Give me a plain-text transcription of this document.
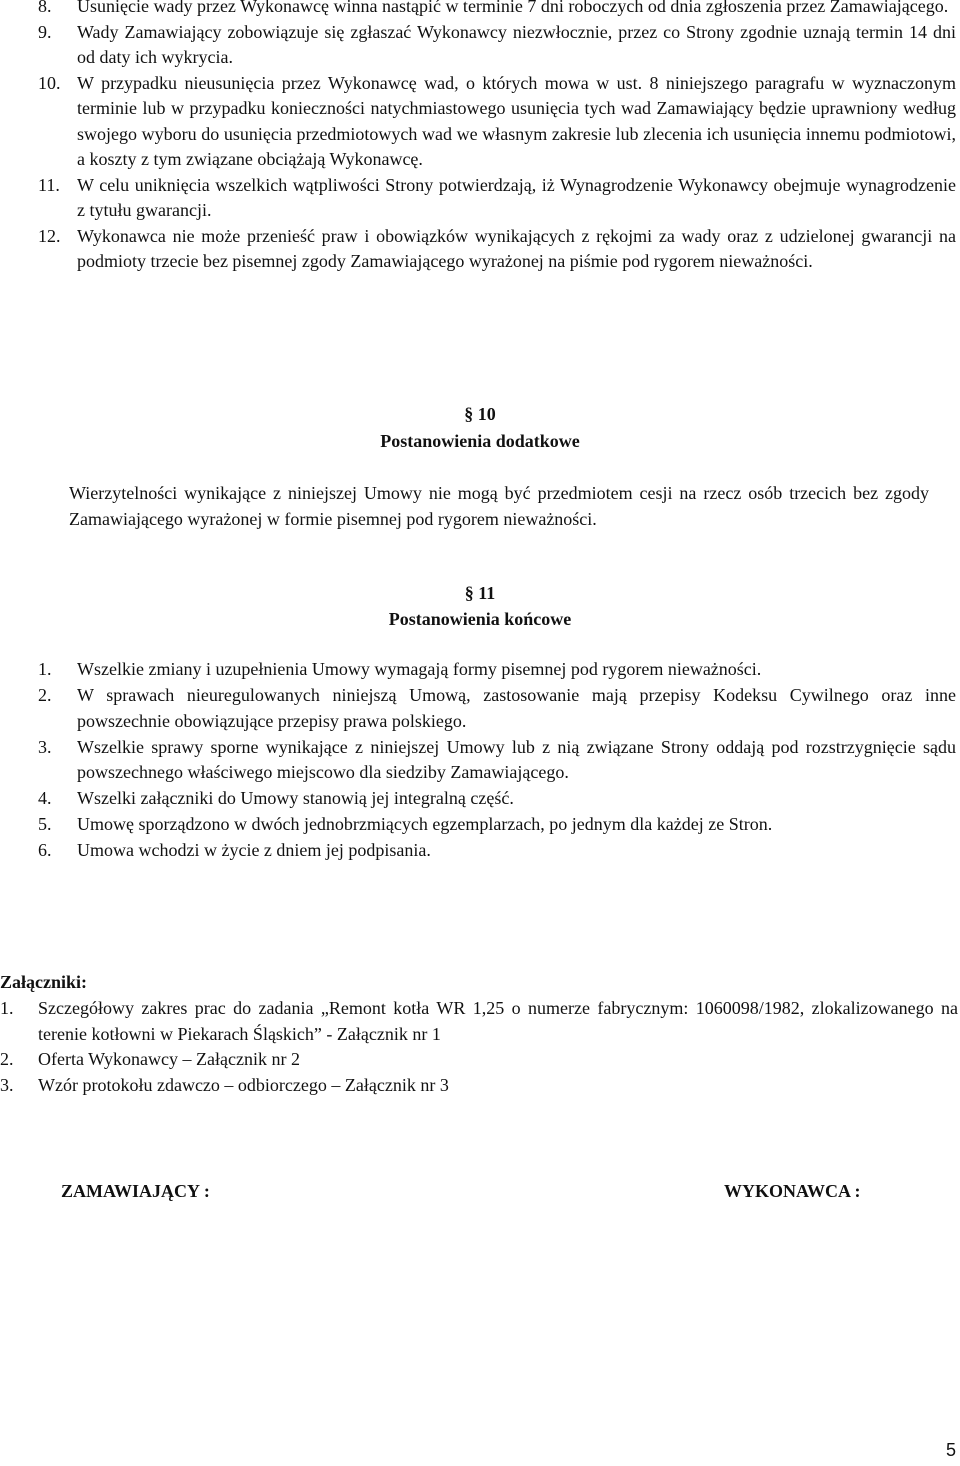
8. Usunięcie wady przez Wykonawcę winna nastąpić w terminie 7 dni roboczych od dnia zgłoszenia przez Zamawiającego.
9. Wady Zamawiający zobowiązuje się zgłaszać Wykonawcy niezwłocznie, przez co Strony zgodnie uznają termin 14 dni od daty ich wykrycia.
10. W przypadku nieusunięcia przez Wykonawcę wad, o których mowa w ust. 8 niniejszego paragrafu w wyznaczonym terminie lub w przypadku konieczności natychmiastowego usunięcia tych wad Zamawiający będzie uprawniony według swojego wyboru do usunięcia przedmiotowych wad we własnym zakresie lub zlecenia ich usunięcia innemu podmiotowi, a koszty z tym związane obciążają Wykonawcę.
11. W celu uniknięcia wszelkich wątpliwości Strony potwierdzają, iż Wynagrodzenie Wykonawcy obejmuje wynagrodzenie z tytułu gwarancji.
12. Wykonawca nie może przenieść praw i obowiązków wynikających z rękojmi za wady oraz z udzielonej gwarancji na podmioty trzecie bez pisemnej zgody Zamawiającego wyrażonej na piśmie pod rygorem nieważności.
§ 10
Postanowienia dodatkowe

Wierzytelności wynikające z niniejszej Umowy nie mogą być przedmiotem cesji na rzecz osób trzecich bez zgody Zamawiającego wyrażonej w formie pisemnej pod rygorem nieważności.

§ 11
Postanowienia końcowe
1. Wszelkie zmiany i uzupełnienia Umowy wymagają formy pisemnej pod rygorem nieważności.
2. W sprawach nieuregulowanych niniejszą Umową, zastosowanie mają przepisy Kodeksu Cywilnego oraz inne powszechnie obowiązujące przepisy prawa polskiego.
3. Wszelkie sprawy sporne wynikające z niniejszej Umowy lub z nią związane Strony oddają pod rozstrzygnięcie sądu powszechnego właściwego miejscowo dla siedziby Zamawiającego.
4. Wszelki załączniki do Umowy stanowią jej integralną część.
5. Umowę sporządzono w dwóch jednobrzmiących egzemplarzach, po jednym dla każdej ze Stron.
6. Umowa wchodzi w życie z dniem jej podpisania.
Załączniki:
1. Szczegółowy zakres prac do zadania „Remont kotła WR 1,25 o numerze fabrycznym: 1060098/1982, zlokalizowanego na terenie kotłowni w Piekarach Śląskich” - Załącznik nr 1
2. Oferta Wykonawcy – Załącznik nr 2
3. Wzór protokołu zdawczo – odbiorczego – Załącznik nr 3
ZAMAWIAJĄCY :	WYKONAWCA :
5
